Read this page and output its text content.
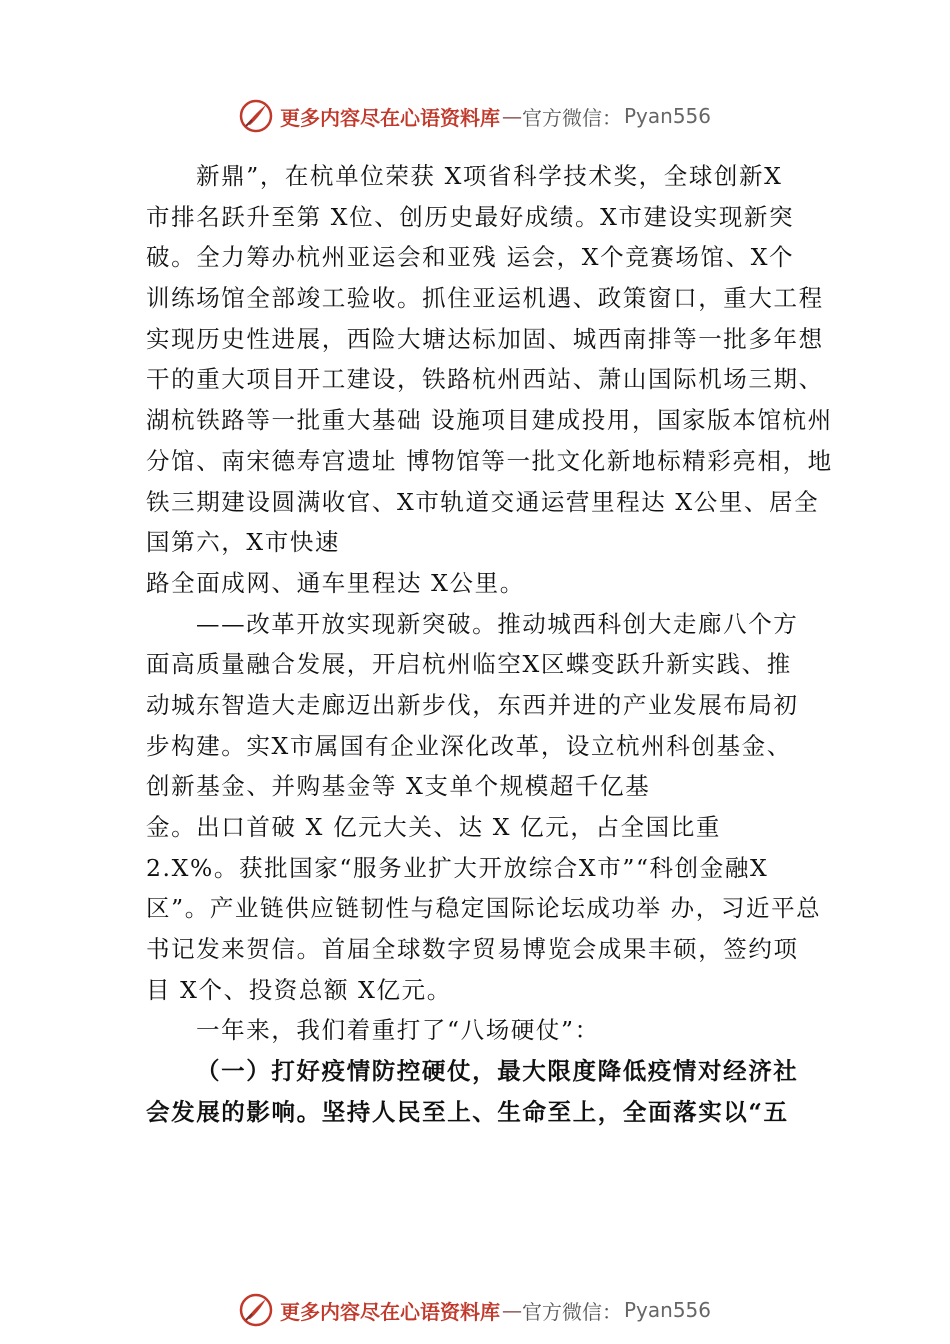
更多内容尽在心语资料库 — 官方微信： Pyan556
新鼎”，在杭单位荣获 X项省科学技术奖，全球创新X
市排名跃升至第 X位、创历史最好成绩。X市建设实现新突
破。全力筹办杭州亚运会和亚残 运会，X个竞赛场馆、X个
训练场馆全部竣工验收。抓住亚运机遇、政策窗口，重大工程
实现历史性进展，西险大塘达标加固、城西南排等一批多年想
干的重大项目开工建设，铁路杭州西站、萧山国际机场三期、
湖杭铁路等一批重大基础 设施项目建成投用，国家版本馆杭州
分馆、南宋德寿宫遗址 博物馆等一批文化新地标精彩亮相，地
铁三期建设圆满收官、X市轨道交通运营里程达 X公里、居全
国第六，X市快速
路全面成网、通车里程达 X公里。
——改革开放实现新突破。推动城西科创大走廊八个方
面高质量融合发展，开启杭州临空X区蝶变跃升新实践、推
动城东智造大走廊迈出新步伐，东西并进的产业发展布局初
步构建。实X市属国有企业深化改革，设立杭州科创基金、
创新基金、并购基金等 X支单个规模超千亿基
金。出口首破 X 亿元大关、达 X 亿元，占全国比重
2.X%。获批国家“服务业扩大开放综合X市”“科创金融X
区”。产业链供应链韧性与稳定国际论坛成功举 办，习近平总
书记发来贺信。首届全球数字贸易博览会成果丰硕，签约项
目 X个、投资总额 X亿元。
一年来，我们着重打了“八场硬仗”：
（一）打好疫情防控硬仗，最大限度降低疫情对经济社
会发展的影响。坚持人民至上、生命至上，全面落实以“五
更多内容尽在心语资料库 — 官方微信： Pyan556
